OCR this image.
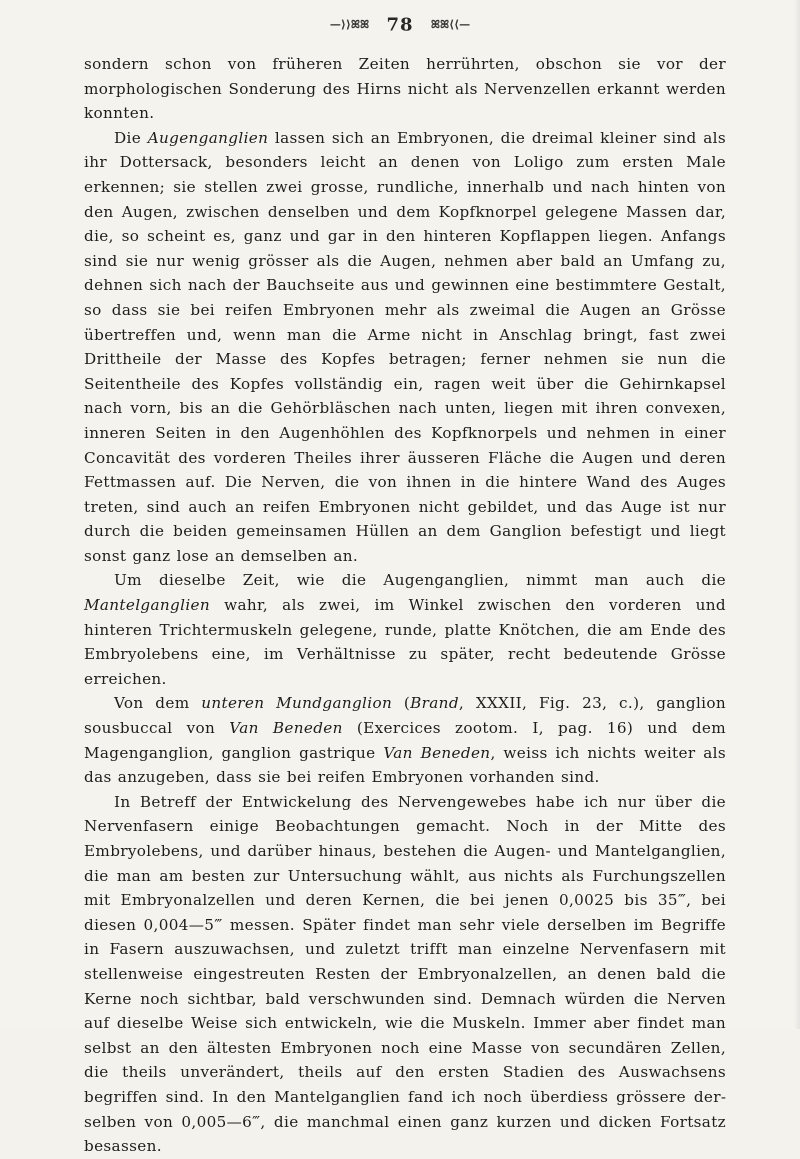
—⟩⟩ꕤꕤ 78 ꕤꕤ⟨⟨—

sondern schon von früheren Zeiten herrührten, obschon sie vor der morphologischen Sonderung des Hirns nicht als Nervenzellen erkannt werden konnten.

Die Augenganglien lassen sich an Embryonen, die dreimal kleiner sind als ihr Dottersack, besonders leicht an denen von Loligo zum ersten Male erkennen; sie stellen zwei grosse, rundliche, innerhalb und nach hinten von den Augen, zwischen denselben und dem Kopfknorpel gelegene Massen dar, die, so scheint es, ganz und gar in den hinteren Kopflappen liegen. Anfangs sind sie nur wenig grösser als die Augen, nehmen aber bald an Umfang zu, dehnen sich nach der Bauchseite aus und gewinnen eine bestimmtere Gestalt, so dass sie bei reifen Embryonen mehr als zweimal die Augen an Grösse übertreffen und, wenn man die Arme nicht in Anschlag bringt, fast zwei Drittheile der Masse des Kopfes betragen; ferner nehmen sie nun die Seitentheile des Kopfes vollständig ein, ragen weit über die Gehirnkapsel nach vorn, bis an die Gehörbläschen nach unten, liegen mit ihren convexen, inneren Seiten in den Augenhöhlen des Kopfknorpels und nehmen in einer Concavität des vorderen Theiles ihrer äusseren Fläche die Augen und deren Fettmassen auf. Die Nerven, die von ihnen in die hintere Wand des Auges treten, sind auch an reifen Embryonen nicht gebildet, und das Auge ist nur durch die beiden gemeinsamen Hüllen an dem Ganglion befestigt und liegt sonst ganz lose an demselben an.

Um dieselbe Zeit, wie die Augenganglien, nimmt man auch die Mantelganglien wahr, als zwei, im Winkel zwischen den vorderen und hinteren Trichtermuskeln gelegene, runde, platte Knötchen, die am Ende des Embryolebens eine, im Verhältnisse zu später, recht bedeutende Grösse erreichen.

Von dem unteren Mundganglion (Brand, XXXII, Fig. 23, c.), ganglion sousbuccal von Van Beneden (Exercices zootom. I, pag. 16) und dem Magenganglion, ganglion gastrique Van Beneden, weiss ich nichts weiter als das anzugeben, dass sie bei reifen Embryonen vorhanden sind.

In Betreff der Entwickelung des Nervengewebes habe ich nur über die Nervenfasern einige Beobachtungen gemacht. Noch in der Mitte des Embryolebens, und darüber hinaus, bestehen die Augen- und Mantelganglien, die man am besten zur Untersuchung wählt, aus nichts als Furchungszellen mit Embryonalzellen und deren Kernen, die bei jenen 0,0025 bis 35‴, bei diesen 0,004—5‴ messen. Später findet man sehr viele derselben im Begriffe in Fasern auszuwachsen, und zuletzt trifft man einzelne Nervenfasern mit stellenweise eingestreuten Resten der Embryonalzellen, an denen bald die Kerne noch sichtbar, bald verschwunden sind. Demnach würden die Nerven auf dieselbe Weise sich entwickeln, wie die Muskeln. Immer aber findet man selbst an den ältesten Embryonen noch eine Masse von secundären Zellen, die theils unverändert, theils auf den ersten Stadien des Auswachsens begriffen sind. In den Mantelganglien fand ich noch überdiess grössere derselben von 0,005—6‴, die manchmal einen ganz kurzen und dicken Fortsatz besassen.
